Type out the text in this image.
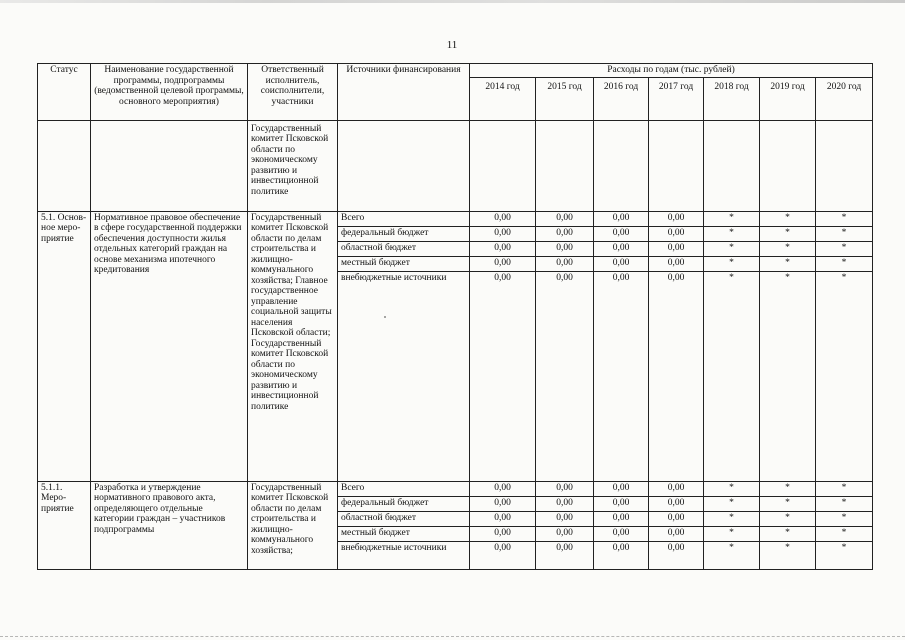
11
Статус	Наименование государственной программы, подпрограммы (ведомственной целевой программы, основного мероприятия)	Ответственный исполнитель, соисполнители, участники	Источники финансирования	Расходы по годам (тыс. рублей)						
				2014 год	2015 год	2016 год	2017 год	2018 год	2019 год	2020 год
		Государственный комитет Псковской области по экономическому развитию и инвестиционной политике								
5.1. Основ-ное меро-приятие	Нормативное правовое обеспечение в сфере государственной поддержки обеспечения доступности жилья отдельных категорий граждан на основе механизма ипотечного кредитования	Государственный комитет Псковской области по делам строительства и жилищно-коммунального хозяйства; Главное государственное управление социальной защиты населения Псковской области; Государственный комитет Псковской области по экономическому развитию и инвестиционной политике	Всего	0,00	0,00	0,00	0,00	*	*	*
			федеральный бюджет	0,00	0,00	0,00	0,00	*	*	*
			областной бюджет	0,00	0,00	0,00	0,00	*	*	*
			местный бюджет	0,00	0,00	0,00	0,00	*	*	*
			внебюджетные источники	0,00	0,00	0,00	0,00	*	*	*
5.1.1. Меро-приятие	Разработка и утверждение нормативного правового акта, определяющего отдельные категории граждан – участников подпрограммы	Государственный комитет Псковской области по делам строительства и жилищно-коммунального хозяйства;	Всего	0,00	0,00	0,00	0,00	*	*	*
			федеральный бюджет	0,00	0,00	0,00	0,00	*	*	*
			областной бюджет	0,00	0,00	0,00	0,00	*	*	*
			местный бюджет	0,00	0,00	0,00	0,00	*	*	*
			внебюджетные источники	0,00	0,00	0,00	0,00	*	*	*
